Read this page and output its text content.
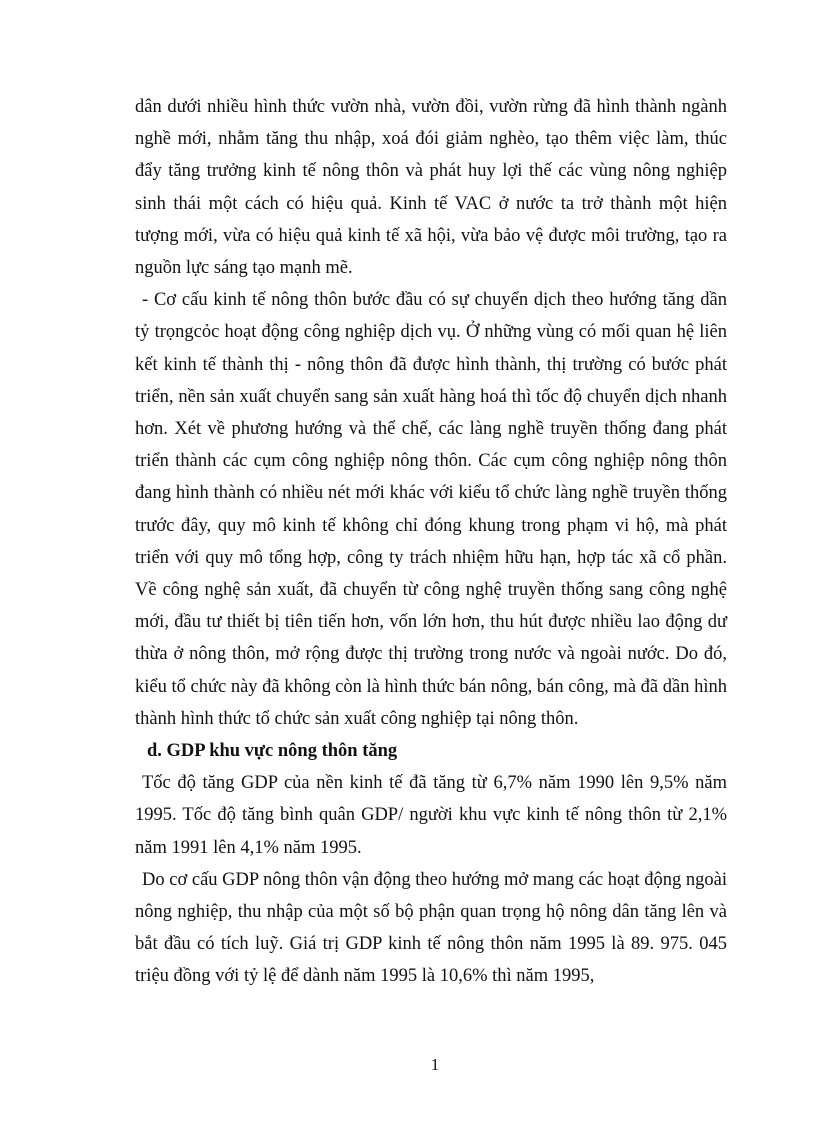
dân dưới nhiều hình thức vườn nhà, vườn đồi, vườn rừng đã hình thành ngành nghề mới, nhằm tăng thu nhập, xoá đói giảm nghèo, tạo thêm việc làm, thúc đẩy tăng trưởng kinh tế nông thôn và phát huy lợi thế các vùng nông nghiệp sinh thái một cách có hiệu quả. Kinh tế VAC ở nước ta trở thành một hiện tượng mới, vừa có hiệu quả kinh tế xã hội, vừa bảo vệ được môi trường, tạo ra nguồn lực sáng tạo mạnh mẽ.

- Cơ cấu kinh tế nông thôn bước đầu có sự chuyển dịch theo hướng tăng dần tỷ trọngcỏc hoạt động công nghiệp dịch vụ. Ở những vùng có mối quan hệ liên kết kinh tế thành thị - nông thôn đã được hình thành, thị trường có bước phát triển, nền sản xuất chuyển sang sản xuất hàng hoá thì tốc độ chuyển dịch nhanh hơn. Xét về phương hướng và thể chế, các làng nghề truyền thống đang phát triển thành các cụm công nghiệp nông thôn. Các cụm công nghiệp nông thôn đang hình thành có nhiều nét mới khác với kiểu tổ chức làng nghề truyền thống trước đây, quy mô kinh tế không chỉ đóng khung trong phạm vi hộ, mà phát triển với quy mô tổng hợp, công ty trách nhiệm hữu hạn, hợp tác xã cổ phần. Về công nghệ sản xuất, đã chuyển từ công nghệ truyền thống sang công nghệ mới, đầu tư thiết bị tiên tiến hơn, vốn lớn hơn, thu hút được nhiều lao động dư thừa ở nông thôn, mở rộng được thị trường trong nước và ngoài nước. Do đó, kiểu tổ chức này đã không còn là hình thức bán nông, bán công, mà đã dần hình thành hình thức tổ chức sản xuất công nghiệp tại nông thôn.

d. GDP khu vực nông thôn tăng

Tốc độ tăng GDP của nền kinh tế đã tăng từ 6,7% năm 1990 lên 9,5% năm 1995. Tốc độ tăng bình quân GDP/ người khu vực kinh tế nông thôn từ 2,1% năm 1991 lên 4,1% năm 1995.

Do cơ cấu GDP nông thôn vận động theo hướng mở mang các hoạt động ngoài nông nghiệp, thu nhập của một số bộ phận quan trọng hộ nông dân tăng lên và bắt đầu có tích luỹ. Giá trị GDP kinh tế nông thôn năm 1995 là 89. 975. 045 triệu đồng với tỷ lệ để dành năm 1995 là 10,6% thì năm 1995,

1
